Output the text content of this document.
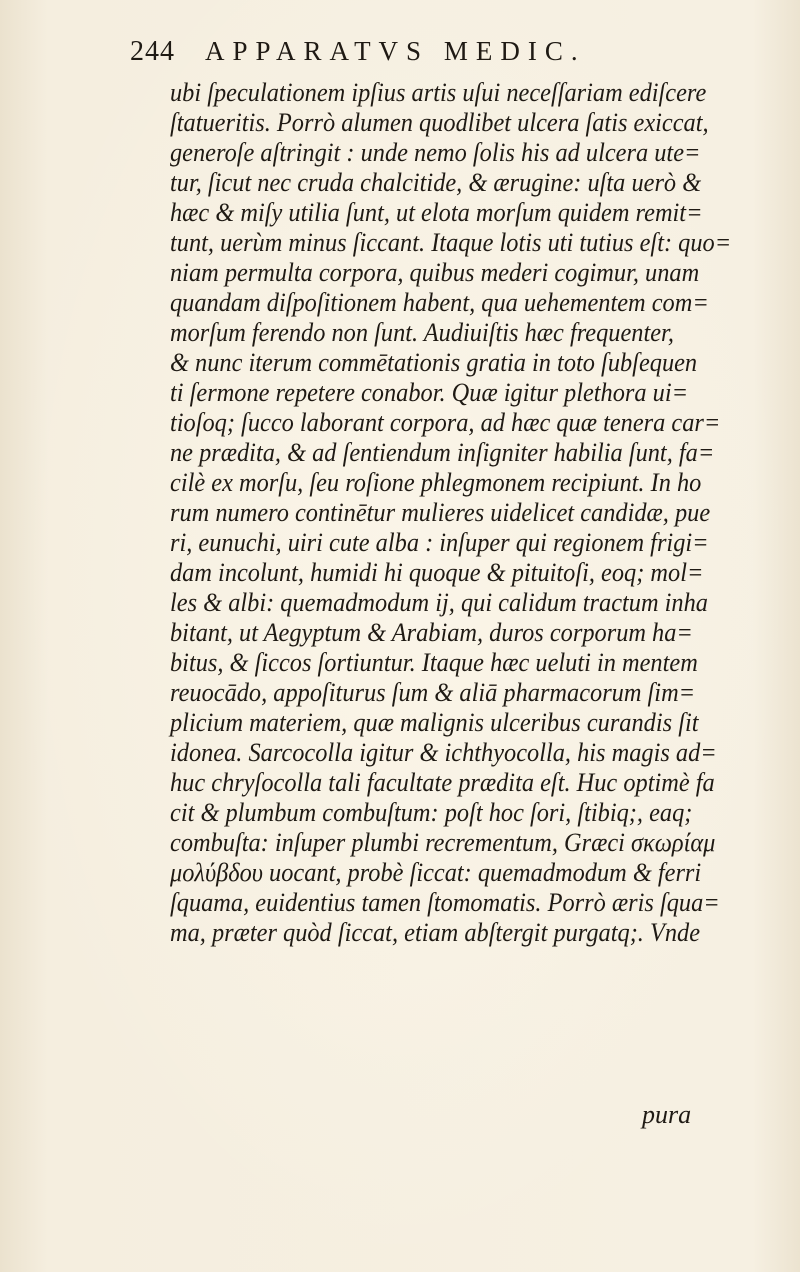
244 APPARATVS MEDIC.
ubi ſpeculationem ipſius artis uſui neceſſariam ediſcere
ſtatueritis. Porrò alumen quodlibet ulcera ſatis exiccat,
generoſe aſtringit : unde nemo ſolis his ad ulcera ute=
tur, ſicut nec cruda chalcitide, & ærugine: uſta uerò &
hæc & miſy utilia ſunt, ut elota morſum quidem remit=
tunt, uerùm minus ſiccant. Itaque lotis uti tutius eſt: quo=
niam permulta corpora, quibus mederi cogimur, unam
quandam diſpoſitionem habent, qua uehementem com=
morſum ferendo non ſunt. Audiuiſtis hæc frequenter,
& nunc iterum commētationis gratia in toto ſubſequen
ti ſermone repetere conabor. Quæ igitur plethora ui=
tioſoq; ſucco laborant corpora, ad hæc quæ tenera car=
ne prædita, & ad ſentiendum inſigniter habilia ſunt, fa=
cilè ex morſu, ſeu roſione phlegmonem recipiunt. In ho
rum numero continētur mulieres uidelicet candidæ, pue
ri, eunuchi, uiri cute alba : inſuper qui regionem frigi=
dam incolunt, humidi hi quoque & pituitoſi, eoq; mol=
les & albi: quemadmodum ij, qui calidum tractum inha
bitant, ut Aegyptum & Arabiam, duros corporum ha=
bitus, & ſiccos ſortiuntur. Itaque hæc ueluti in mentem
reuocādo, appoſiturus ſum & aliā pharmacorum ſim=
plicium materiem, quæ malignis ulceribus curandis ſit
idonea. Sarcocolla igitur & ichthyocolla, his magis ad=
huc chryſocolla tali facultate prædita eſt. Huc optimè fa
cit & plumbum combuſtum: poſt hoc ſori, ſtibiq;, eaq;
combuſta: inſuper plumbi recrementum, Græci σκωρίαμ
μολύβδου uocant, probè ſiccat: quemadmodum & ferri
ſquama, euidentius tamen ſtomomatis. Porrò æris ſqua=
ma, præter quòd ſiccat, etiam abſtergit purgatq;. Vnde
pura
